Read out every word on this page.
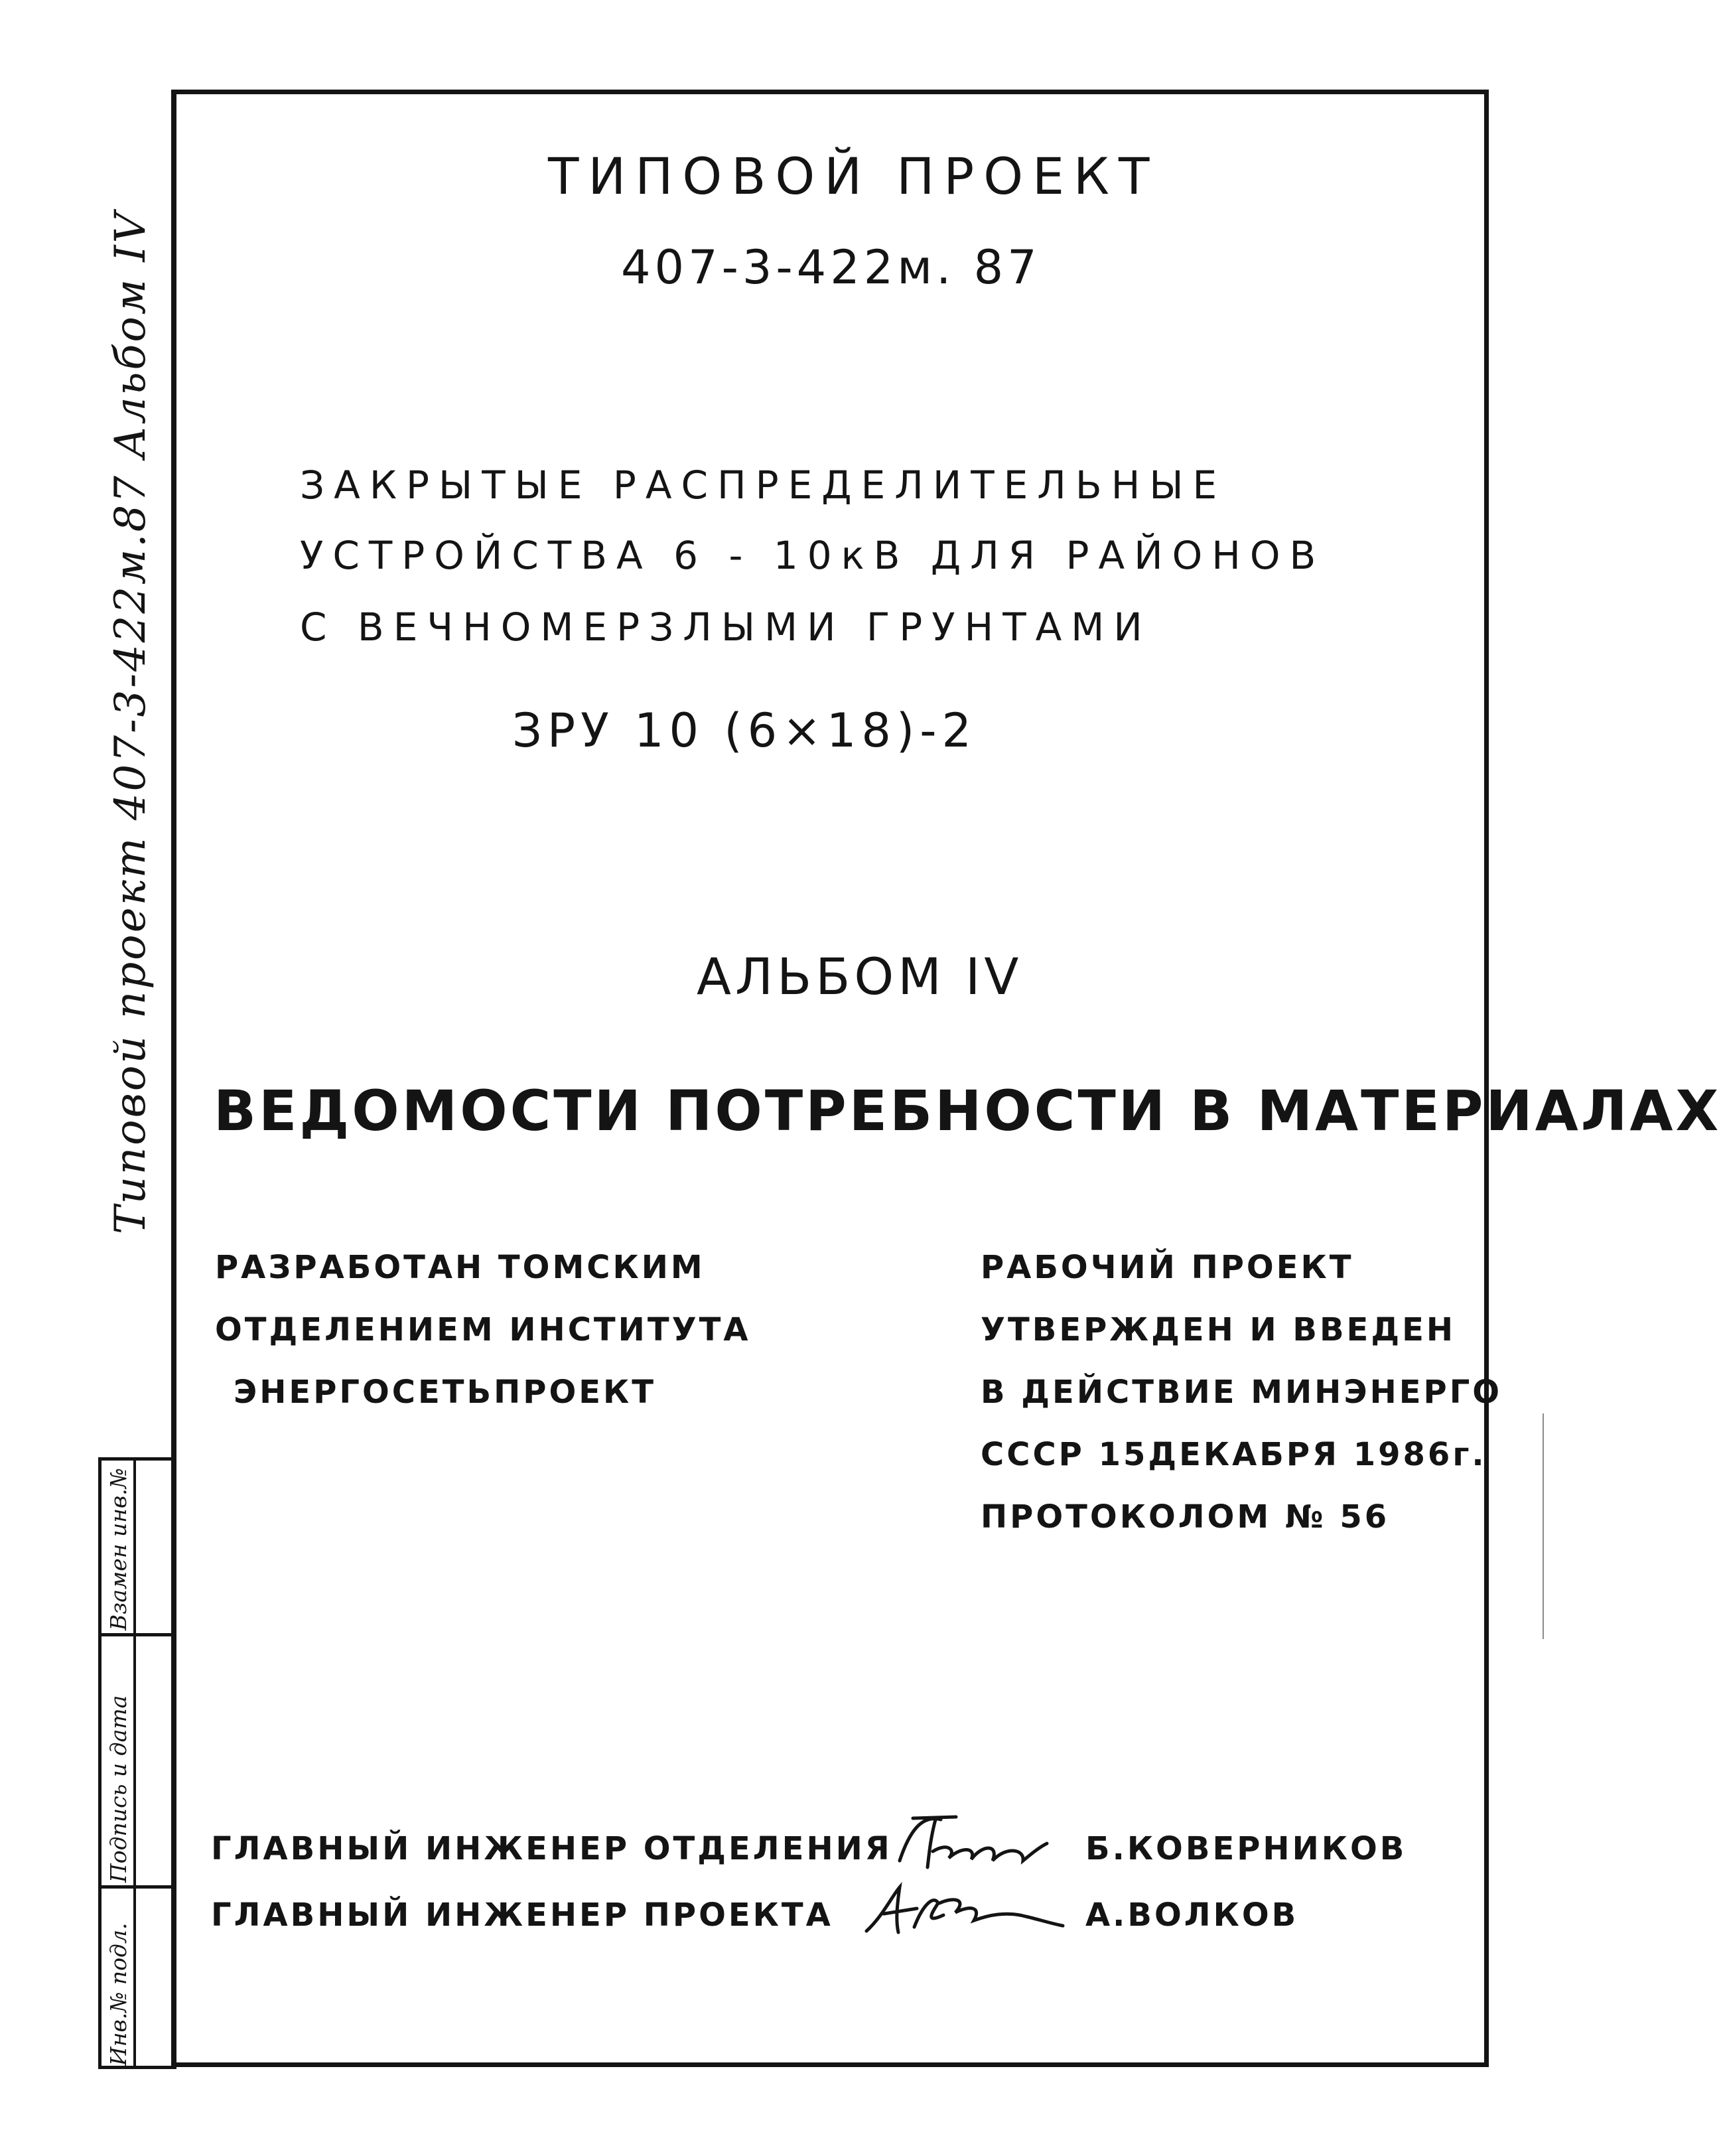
Типовой проект 407-3-422м.87 Альбом IV
ТИПОВОЙ ПРОЕКТ
407-3-422м. 87
ЗАКРЫТЫЕ РАСПРЕДЕЛИТЕЛЬНЫЕ
УСТРОЙСТВА 6 - 10кВ ДЛЯ РАЙОНОВ
С ВЕЧНОМЕРЗЛЫМИ ГРУНТАМИ
ЗРУ 10 (6×18)-2
АЛЬБОМ IV
ВЕДОМОСТИ ПОТРЕБНОСТИ В МАТЕРИАЛАХ
РАЗРАБОТАН ТОМСКИМ
ОТДЕЛЕНИЕМ ИНСТИТУТА
ЭНЕРГОСЕТЬПРОЕКТ
РАБОЧИЙ ПРОЕКТ
УТВЕРЖДЕН И ВВЕДЕН
В ДЕЙСТВИЕ МИНЭНЕРГО
СССР 15ДЕКАБРЯ 1986г.
ПРОТОКОЛОМ № 56
ГЛАВНЫЙ ИНЖЕНЕР ОТДЕЛЕНИЯ	Б.КОВЕРНИКОВ
ГЛАВНЫЙ ИНЖЕНЕР ПРОЕКТА	А.ВОЛКОВ
Инв.№ подл.
Подпись и дата
Взамен инв.№
